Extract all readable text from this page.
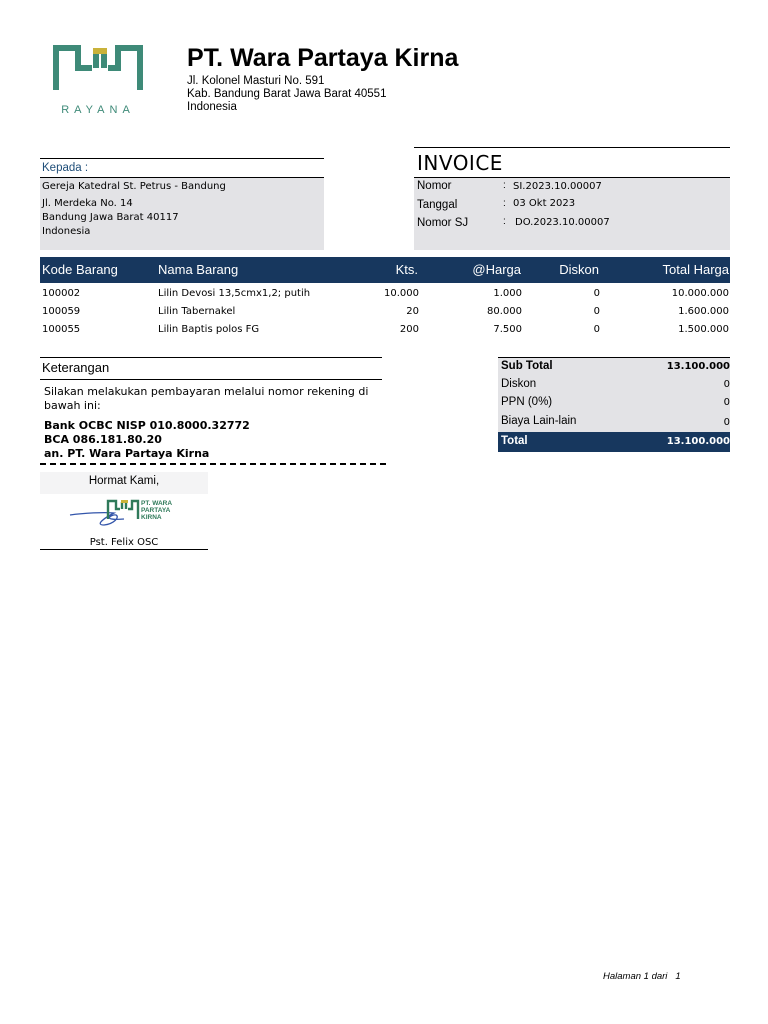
RAYANA
PT. Wara Partaya Kirna
Jl. Kolonel Masturi No. 591
Kab. Bandung Barat Jawa Barat 40551
Indonesia
Kepada :
Gereja Katedral St. Petrus - Bandung
Jl. Merdeka No. 14
Bandung Jawa Barat 40117
Indonesia
INVOICE
Nomor	: SI.2023.10.00007
Tanggal	: 03 Okt 2023
Nomor SJ	: DO.2023.10.00007
Kode Barang	Nama Barang	Kts.	@Harga	Diskon	Total Harga
100002	Lilin Devosi 13,5cmx1,2; putih	10.000	1.000	0	10.000.000
100059	Lilin Tabernakel	20	80.000	0	1.600.000
100055	Lilin Baptis polos FG	200	7.500	0	1.500.000
Keterangan
Silakan melakukan pembayaran melalui nomor rekening di bawah ini:
Bank OCBC NISP 010.8000.32772
BCA 086.181.80.20
an. PT. Wara Partaya Kirna
Hormat Kami,
PT. WARA
PARTAYA
KIRNA
Pst. Felix OSC
Sub Total	13.100.000
Diskon	0
PPN (0%)	0
Biaya Lain-lain	0
Total	13.100.000
Halaman 1 dari   1
